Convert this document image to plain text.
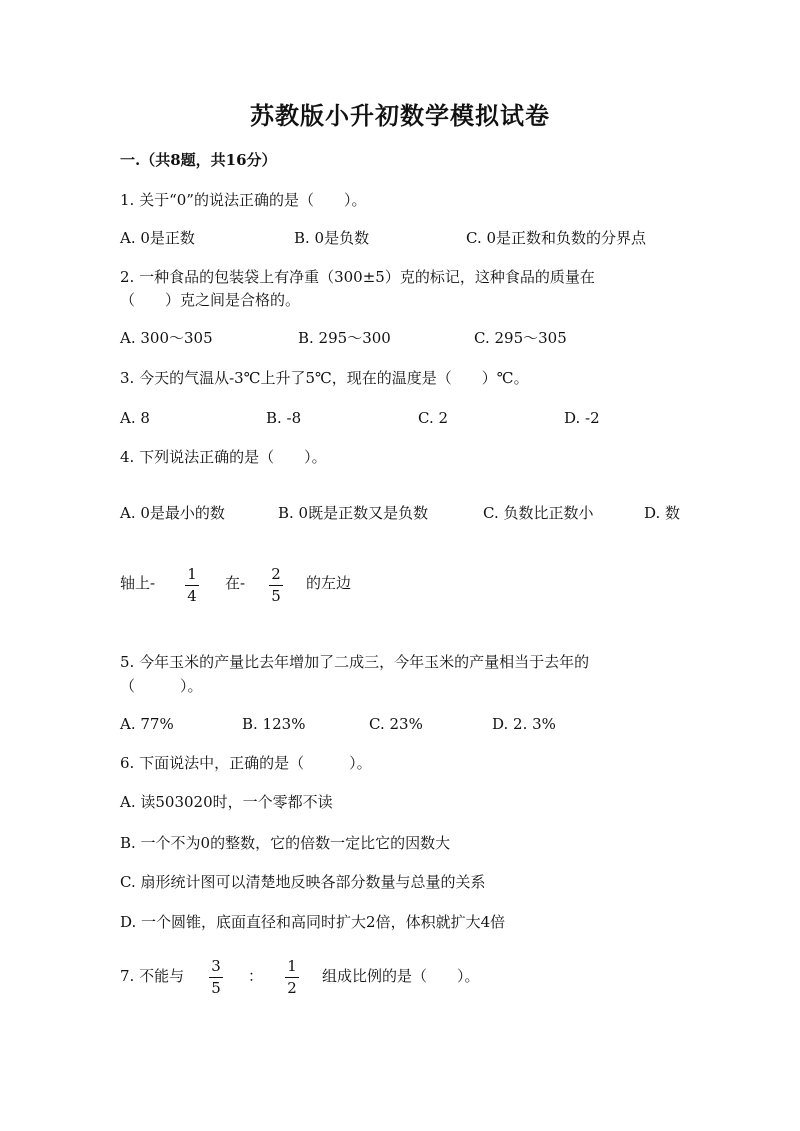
苏教版小升初数学模拟试卷
一.（共8题，共16分）
1. 关于“0”的说法正确的是（　　）。
A. 0是正数	B. 0是负数	C. 0是正数和负数的分界点
2. 一种食品的包装袋上有净重（300±5）克的标记，这种食品的质量在
（　　）克之间是合格的。
A. 300～305	B. 295～300	C. 295～305
3. 今天的气温从-3℃上升了5℃，现在的温度是（　　）℃。
A. 8	B. -8	C. 2	D. -2
4. 下列说法正确的是（　　）。
A. 0是最小的数	B. 0既是正数又是负数	C. 负数比正数小	D. 数
轴上- 1
4
在- 2
5
的左边
5. 今年玉米的产量比去年增加了二成三，今年玉米的产量相当于去年的
（　　　）。
A. 77%	B. 123%	C. 23%	D. 2. 3%
6. 下面说法中，正确的是（　　　）。
A. 读503020时，一个零都不读
B. 一个不为0的整数，它的倍数一定比它的因数大
C. 扇形统计图可以清楚地反映各部分数量与总量的关系
D. 一个圆锥，底面直径和高同时扩大2倍，体积就扩大4倍
7. 不能与
3
5
：
1
2
组成比例的是（　　）。
